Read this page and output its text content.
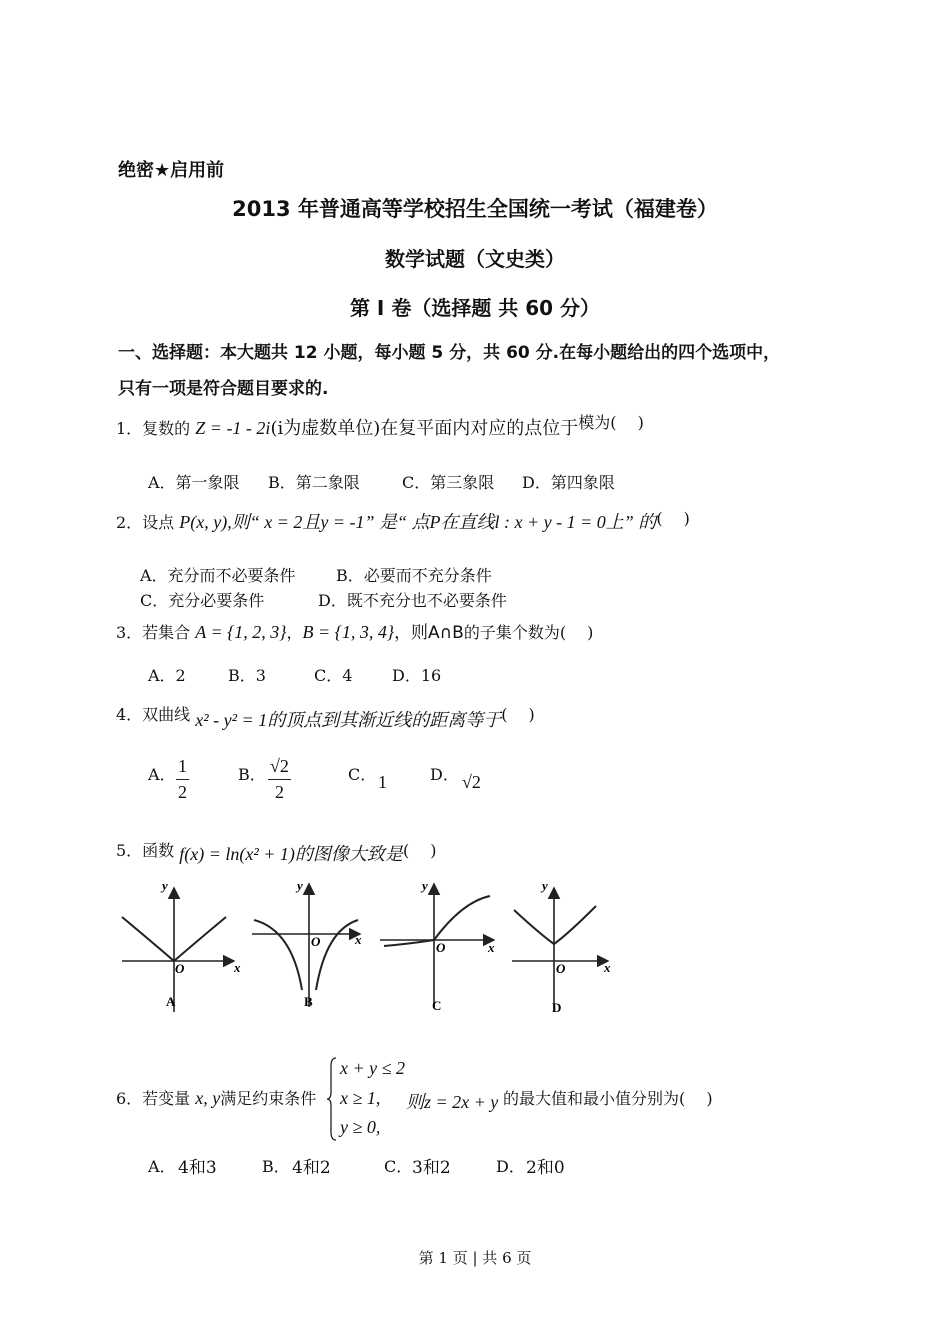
绝密★启用前
2013 年普通高等学校招生全国统一考试（福建卷）
数学试题（文史类）
第 I 卷（选择题 共 60 分）
一、选择题：本大题共 12 小题，每小题 5 分，共 60 分.在每小题给出的四个选项中，
只有一项是符合题目要求的.
1．复数的 Z = -1 - 2i(i为虚数单位)在复平面内对应的点位于模为(　 )
A．第一象限 B．第二象限	C．第三象限 D．第四象限
2．设点 P(x, y),则“ x = 2且y = -1” 是“ 点P在直线l : x + y - 1 = 0上” 的(　 )
A．充分而不必要条件	B．必要而不充分条件
C．充分必要条件	D．既不充分也不必要条件
3．若集合 A = {1, 2, 3}，B = {1, 3, 4}，则A∩B的子集个数为(　 )
A．2	B．3	C．4 D．16
4．双曲线 x² - y² = 1的顶点到其渐近线的距离等于(　 )
A． $\frac{1}{2}$	B． $\frac{√2}{2}$	C． 1	D． √2
5．函数 f(x) = ln(x² + 1)的图像大致是(　 )
y
x
O
A
y
x
O
B
y
x
O
C
y
x
O
D
6．若变量 x, y满足约束条件
x + y ≤ 2
x ≥ 1,
y ≥ 0,
则z = 2x + y 的最大值和最小值分别为(　 )
A． 4和3	B． 4和2	C． 3和2	D． 2和0
第 1 页 | 共 6 页
